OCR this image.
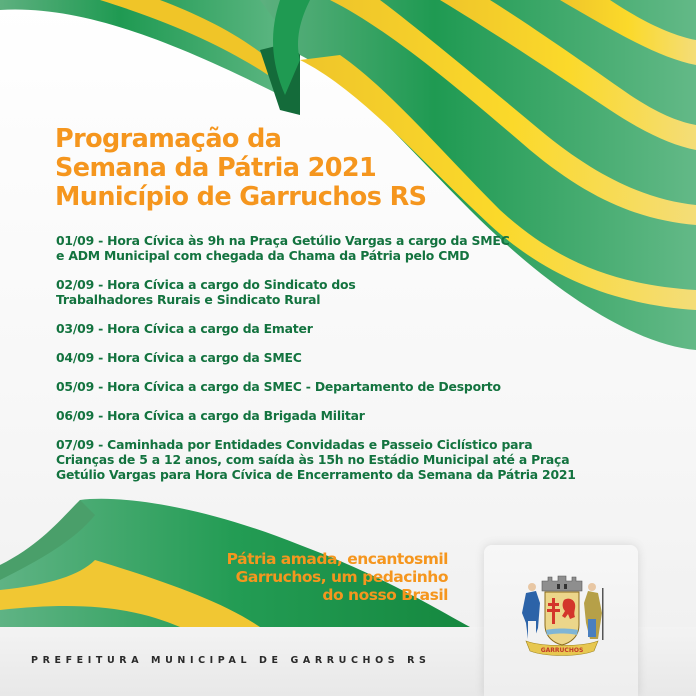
Programação da
Semana da Pátria 2021
Município de Garruchos RS
01/09 - Hora Cívica às 9h na Praça Getúlio Vargas a cargo da SMEC
e ADM Municipal com chegada da Chama da Pátria pelo CMD
02/09 - Hora Cívica a cargo do Sindicato dos
Trabalhadores Rurais e Sindicato Rural
03/09 - Hora Cívica a cargo da Emater
04/09 - Hora Cívica a cargo da SMEC
05/09 - Hora Cívica a cargo da SMEC - Departamento de Desporto
06/09 - Hora Cívica a cargo da Brigada Militar
07/09 - Caminhada por Entidades Convidadas e Passeio Ciclístico para
Crianças de 5 a 12 anos, com saída às 15h no Estádio Municipal até a Praça
Getúlio Vargas para Hora Cívica de Encerramento da Semana da Pátria 2021
Pátria amada, encantosmil
Garruchos, um pedacinho
do nosso Brasil
PREFEITURA MUNICIPAL DE GARRUCHOS RS
GARRUCHOS
